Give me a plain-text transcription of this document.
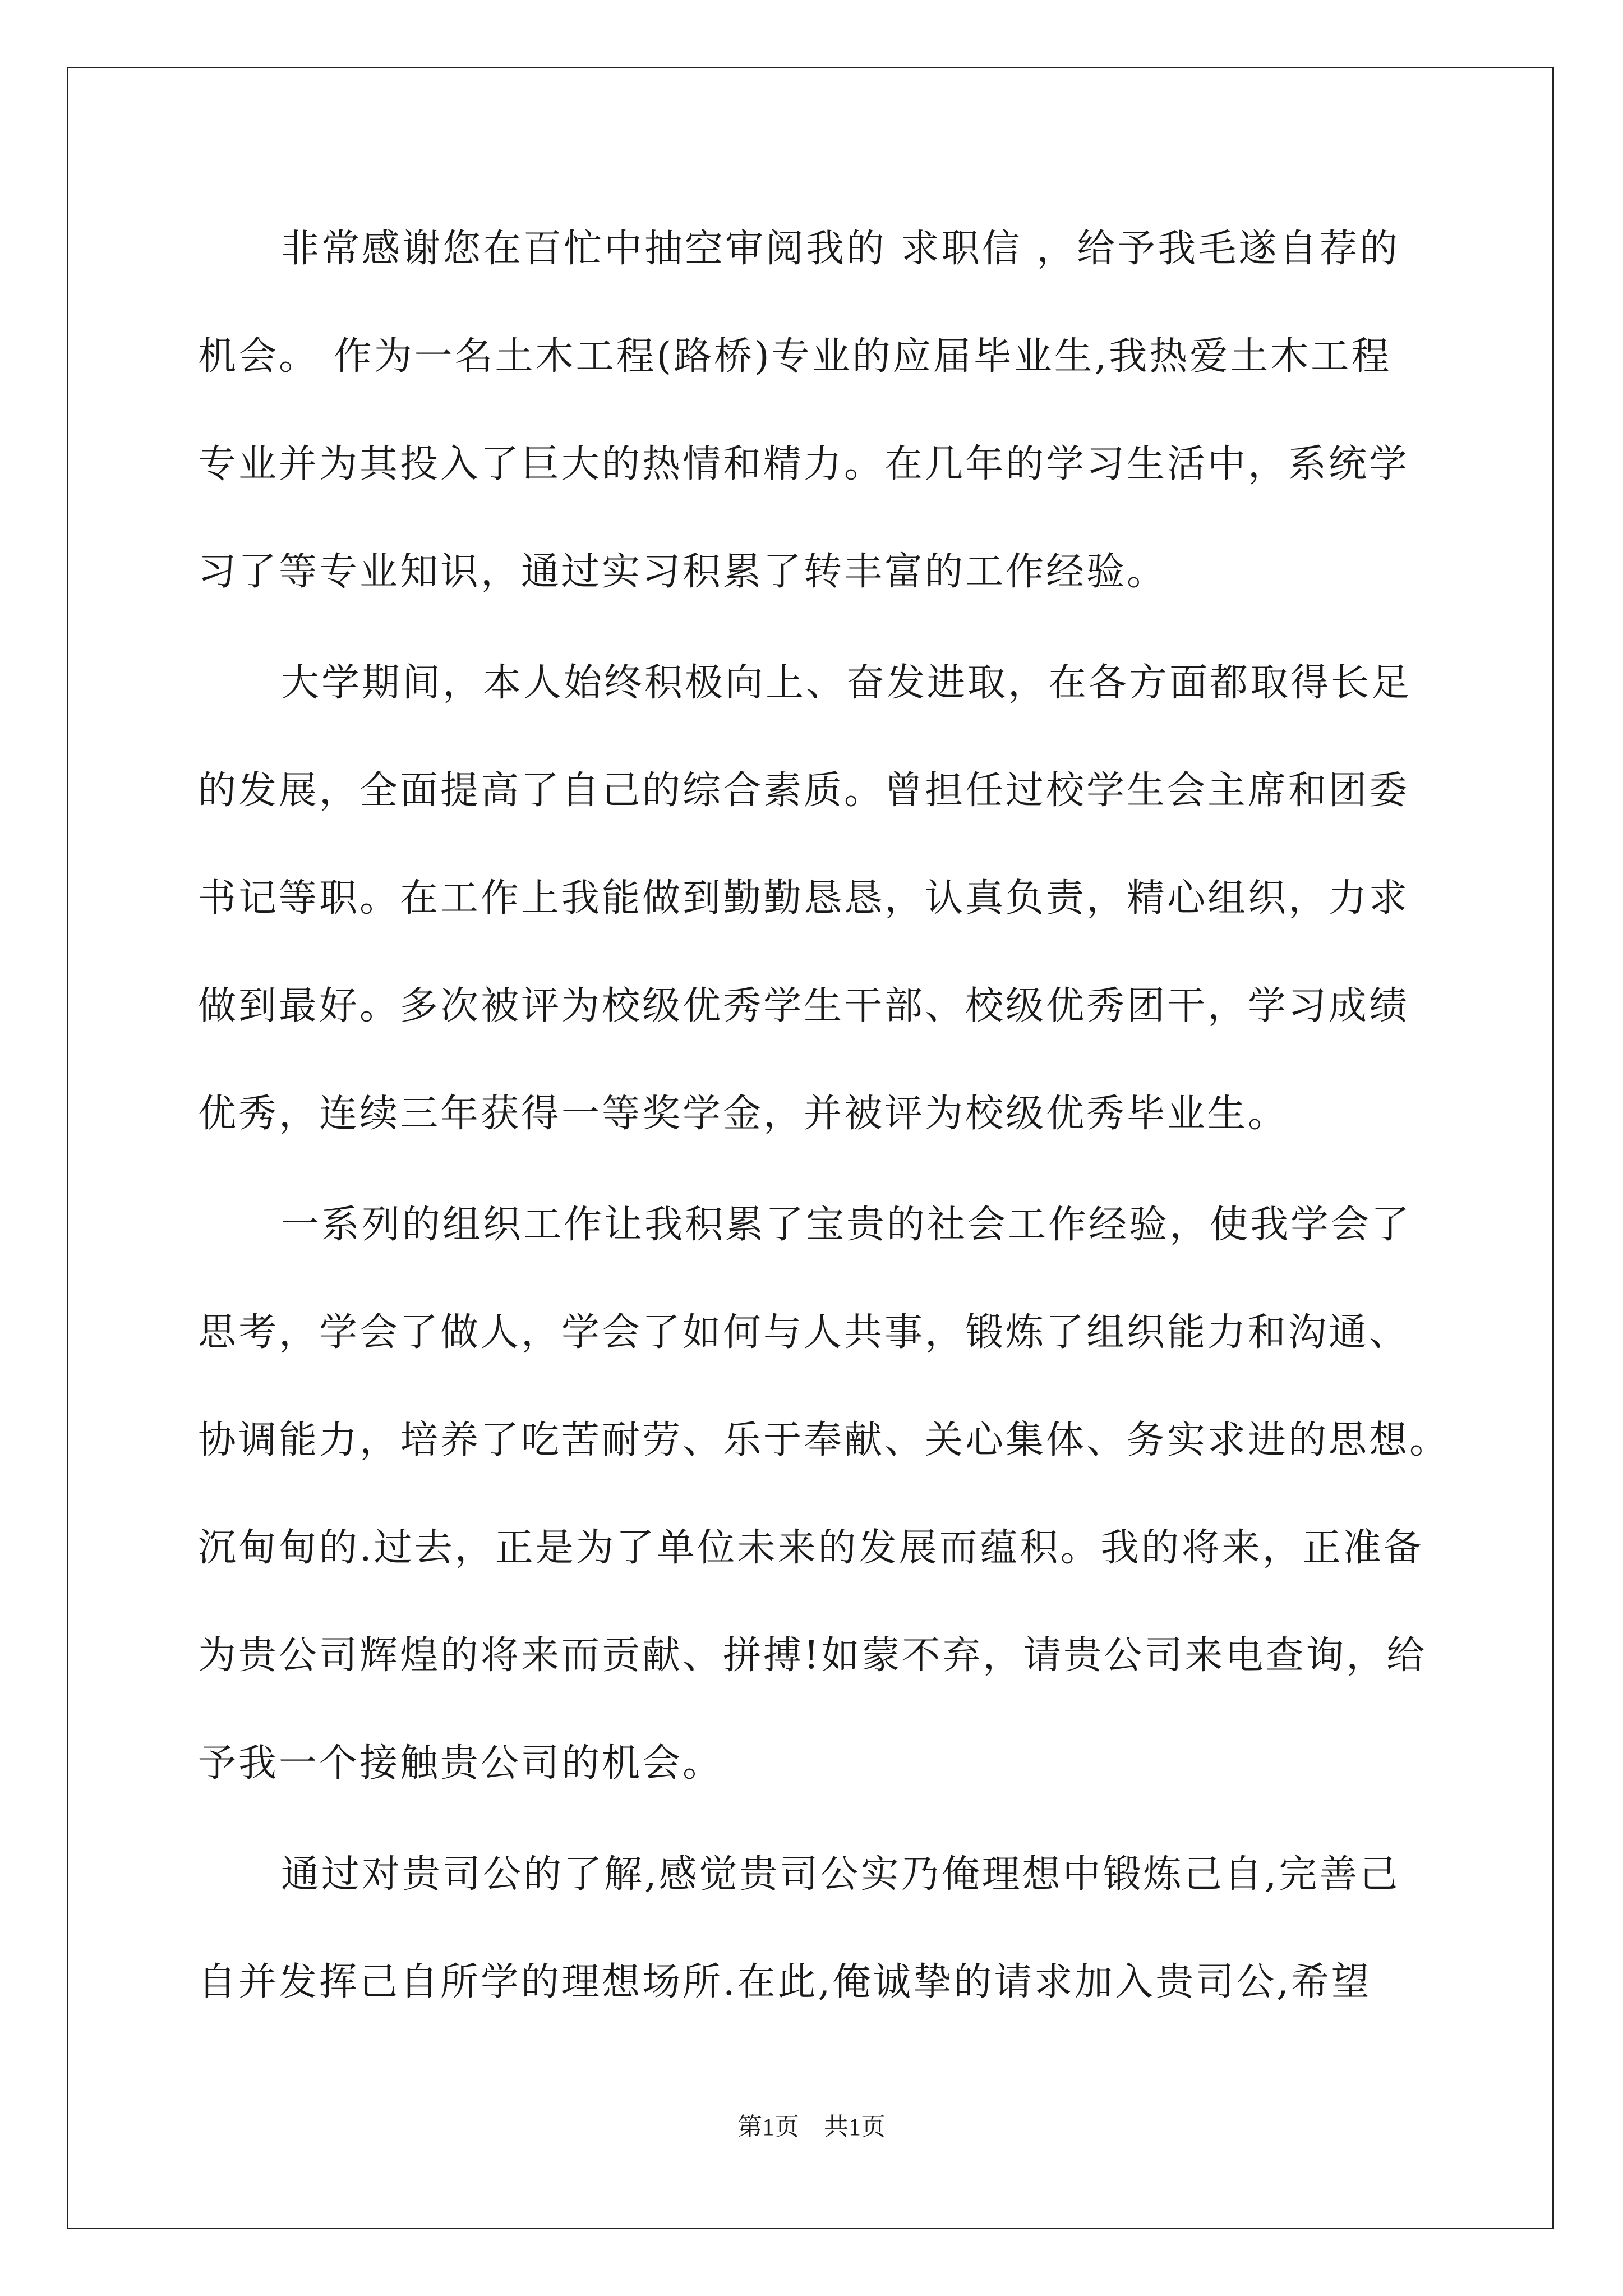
非常感谢您在百忙中抽空审阅我的 求职信 ，给予我毛遂自荐的
机会。 作为一名土木工程(路桥)专业的应届毕业生,我热爱土木工程
专业并为其投入了巨大的热情和精力。在几年的学习生活中，系统学
习了等专业知识，通过实习积累了转丰富的工作经验。
大学期间，本人始终积极向上、奋发进取，在各方面都取得长足
的发展，全面提高了自己的综合素质。曾担任过校学生会主席和团委
书记等职。在工作上我能做到勤勤恳恳，认真负责，精心组织，力求
做到最好。多次被评为校级优秀学生干部、校级优秀团干，学习成绩
优秀，连续三年获得一等奖学金，并被评为校级优秀毕业生。
一系列的组织工作让我积累了宝贵的社会工作经验，使我学会了
思考，学会了做人，学会了如何与人共事，锻炼了组织能力和沟通、
协调能力，培养了吃苦耐劳、乐于奉献、关心集体、务实求进的思想。
沉甸甸的.过去，正是为了单位未来的发展而蕴积。我的将来，正准备
为贵公司辉煌的将来而贡献、拼搏!如蒙不弃，请贵公司来电查询，给
予我一个接触贵公司的机会。
通过对贵司公的了解,感觉贵司公实乃俺理想中锻炼己自,完善己
自并发挥己自所学的理想场所.在此,俺诚挚的请求加入贵司公,希望
第1页　共1页
